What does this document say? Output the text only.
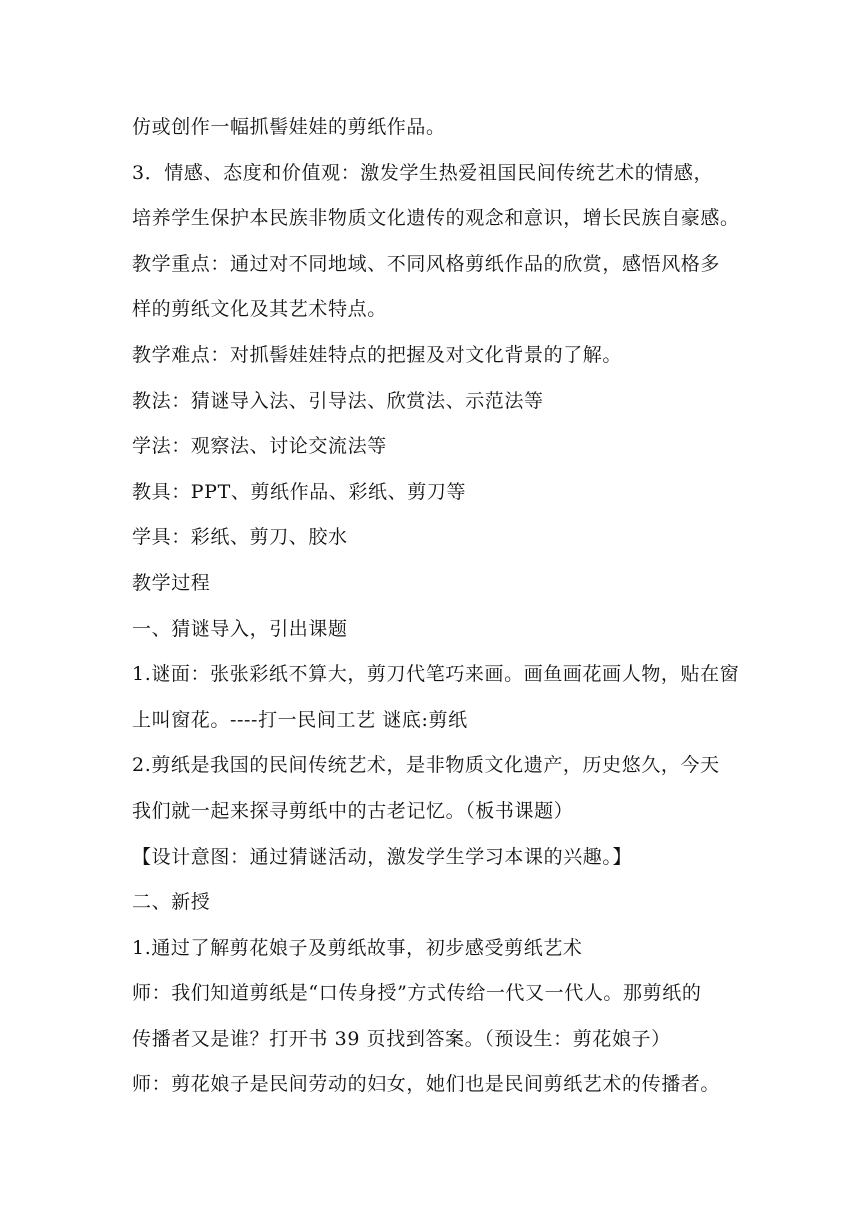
仿或创作一幅抓髻娃娃的剪纸作品。
3．情感、态度和价值观：激发学生热爱祖国民间传统艺术的情感，
培养学生保护本民族非物质文化遗传的观念和意识，增长民族自豪感。
教学重点：通过对不同地域、不同风格剪纸作品的欣赏，感悟风格多
样的剪纸文化及其艺术特点。
教学难点：对抓髻娃娃特点的把握及对文化背景的了解。
教法：猜谜导入法、引导法、欣赏法、示范法等
学法：观察法、讨论交流法等
教具：PPT、剪纸作品、彩纸、剪刀等
学具：彩纸、剪刀、胶水
教学过程
一、猜谜导入，引出课题
1.谜面：张张彩纸不算大，剪刀代笔巧来画。画鱼画花画人物，贴在窗
上叫窗花。----打一民间工艺 谜底:剪纸
2.剪纸是我国的民间传统艺术，是非物质文化遗产，历史悠久，今天
我们就一起来探寻剪纸中的古老记忆。（板书课题）
【设计意图：通过猜谜活动，激发学生学习本课的兴趣。】
二、新授
1.通过了解剪花娘子及剪纸故事，初步感受剪纸艺术
师：我们知道剪纸是“口传身授”方式传给一代又一代人。那剪纸的
传播者又是谁？打开书 39 页找到答案。（预设生：剪花娘子）
师：剪花娘子是民间劳动的妇女，她们也是民间剪纸艺术的传播者。
